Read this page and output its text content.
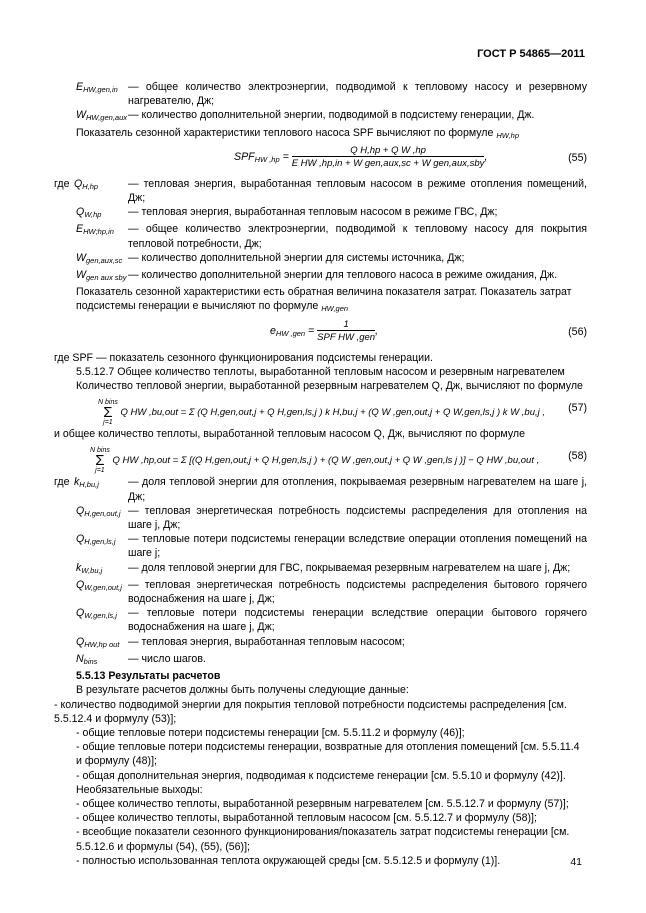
ГОСТ Р 54865—2011
$E_{HW,gen,in}$ — общее количество электроэнергии, подводимой к тепловому насосу и резервному нагревателю, Дж;
$W_{HW,gen,aux}$ — количество дополнительной энергии, подводимой в подсистему генерации, Дж.
Показатель сезонной характеристики теплового насоса SPF вычисляют по формуле $_{HW,hp}$
$SPF_{HW ,hp} = \frac{\text{Q H,hp + Q W ,hp}}{\text{E HW ,hp,in + W gen,aux,sc + W gen,aux,sby}}$ ,	(55)
где $Q_{H,hp}$	— тепловая энергия, выработанная тепловым насосом в режиме отопления помещений, Дж;
$Q_{W,hp}$	— тепловая энергия, выработанная тепловым насосом в режиме ГВС, Дж;
$E_{HW;hp,in}$	— общее количество электроэнергии, подводимой к тепловому насосу для покрытия тепловой потребности, Дж;
$W_{gen,aux,sc}$ — количество дополнительной энергии для системы источника, Дж;
$W_{gen aux sby}$ — количество дополнительной энергии для теплового насоса в режиме ожидания, Дж.
Показатель сезонной характеристики есть обратная величина показателя затрат. Показатель затрат подсистемы генерации e вычисляют по формуле $_{HW,gen}$
$e_{HW ,gen} = \frac{1}{\text{SPF HW ,gen}}$ ,	(56)
где SPF — показатель сезонного функционирования подсистемы генерации.
5.5.12.7 Общее количество теплоты, выработанной тепловым насосом и резервным нагревателем
Количество тепловой энергии, выработанной резервным нагревателем Q, Дж, вычисляют по формуле
N bins
Σ
j=1 Q HW ,bu,out = Σ (Q H,gen,out,j + Q H,gen,ls,j ) k H,bu,j + (Q W ,gen,out,j + Q W,gen,ls,j ) k W ,bu,j , (57)
и общее количество теплоты, выработанной тепловым насосом Q, Дж, вычисляют по формуле
N bins
Σ
j=1 Q HW ,hp,out = Σ [(Q H,gen,out,j + Q H,gen,ls,j ) + (Q W ,gen,out,j + Q W ,gen,ls j )] − Q HW ,bu,out ,	(58)
где $k_{H,bu,j}$	— доля тепловой энергии для отопления, покрываемая резервным нагревателем на шаге j, Дж;
$Q_{H,gen,out,j}$ — тепловая энергетическая потребность подсистемы распределения для отопления на шаге j, Дж;
$Q_{H,gen,ls,j}$	— тепловые потери подсистемы генерации вследствие операции отопления помещений на шаге j;
$k_{W,bu,j}$	— доля тепловой энергии для ГВС, покрываемая резервным нагревателем на шаге j, Дж;
$Q_{W,gen,out,j}$ — тепловая энергетическая потребность подсистемы распределения бытового горячего водоснабжения на шаге j, Дж;
$Q_{W,gen,ls,j}$	— тепловые потери подсистемы генерации вследствие операции бытового горячего водоснабжения на шаге j, Дж;
$Q_{HW,hp out}$ — тепловая энергия, выработанная тепловым насосом;
$N_{bins}$	— число шагов.
5.5.13 Результаты расчетов
В результате расчетов должны быть получены следующие данные:
- количество подводимой энергии для покрытия тепловой потребности подсистемы распределения [см. 5.5.12.4 и формулу (53)];
- общие тепловые потери подсистемы генерации [см. 5.5.11.2 и формулу (46)];
- общие тепловые потери подсистемы генерации, возвратные для отопления помещений [см. 5.5.11.4 и формулу (48)];
- общая дополнительная энергия, подводимая к подсистеме генерации [см. 5.5.10 и формулу (42)].
Необязательные выходы:
- общее количество теплоты, выработанной резервным нагревателем [см. 5.5.12.7 и формулу (57)];
- общее количество теплоты, выработанной тепловым насосом [см. 5.5.12.7 и формулу (58)];
- всеобщие показатели сезонного функционирования/показатель затрат подсистемы генерации [см. 5.5.12.6 и формулы (54), (55), (56)];
- полностью использованная теплота окружающей среды [см. 5.5.12.5 и формулу (1)].	41
